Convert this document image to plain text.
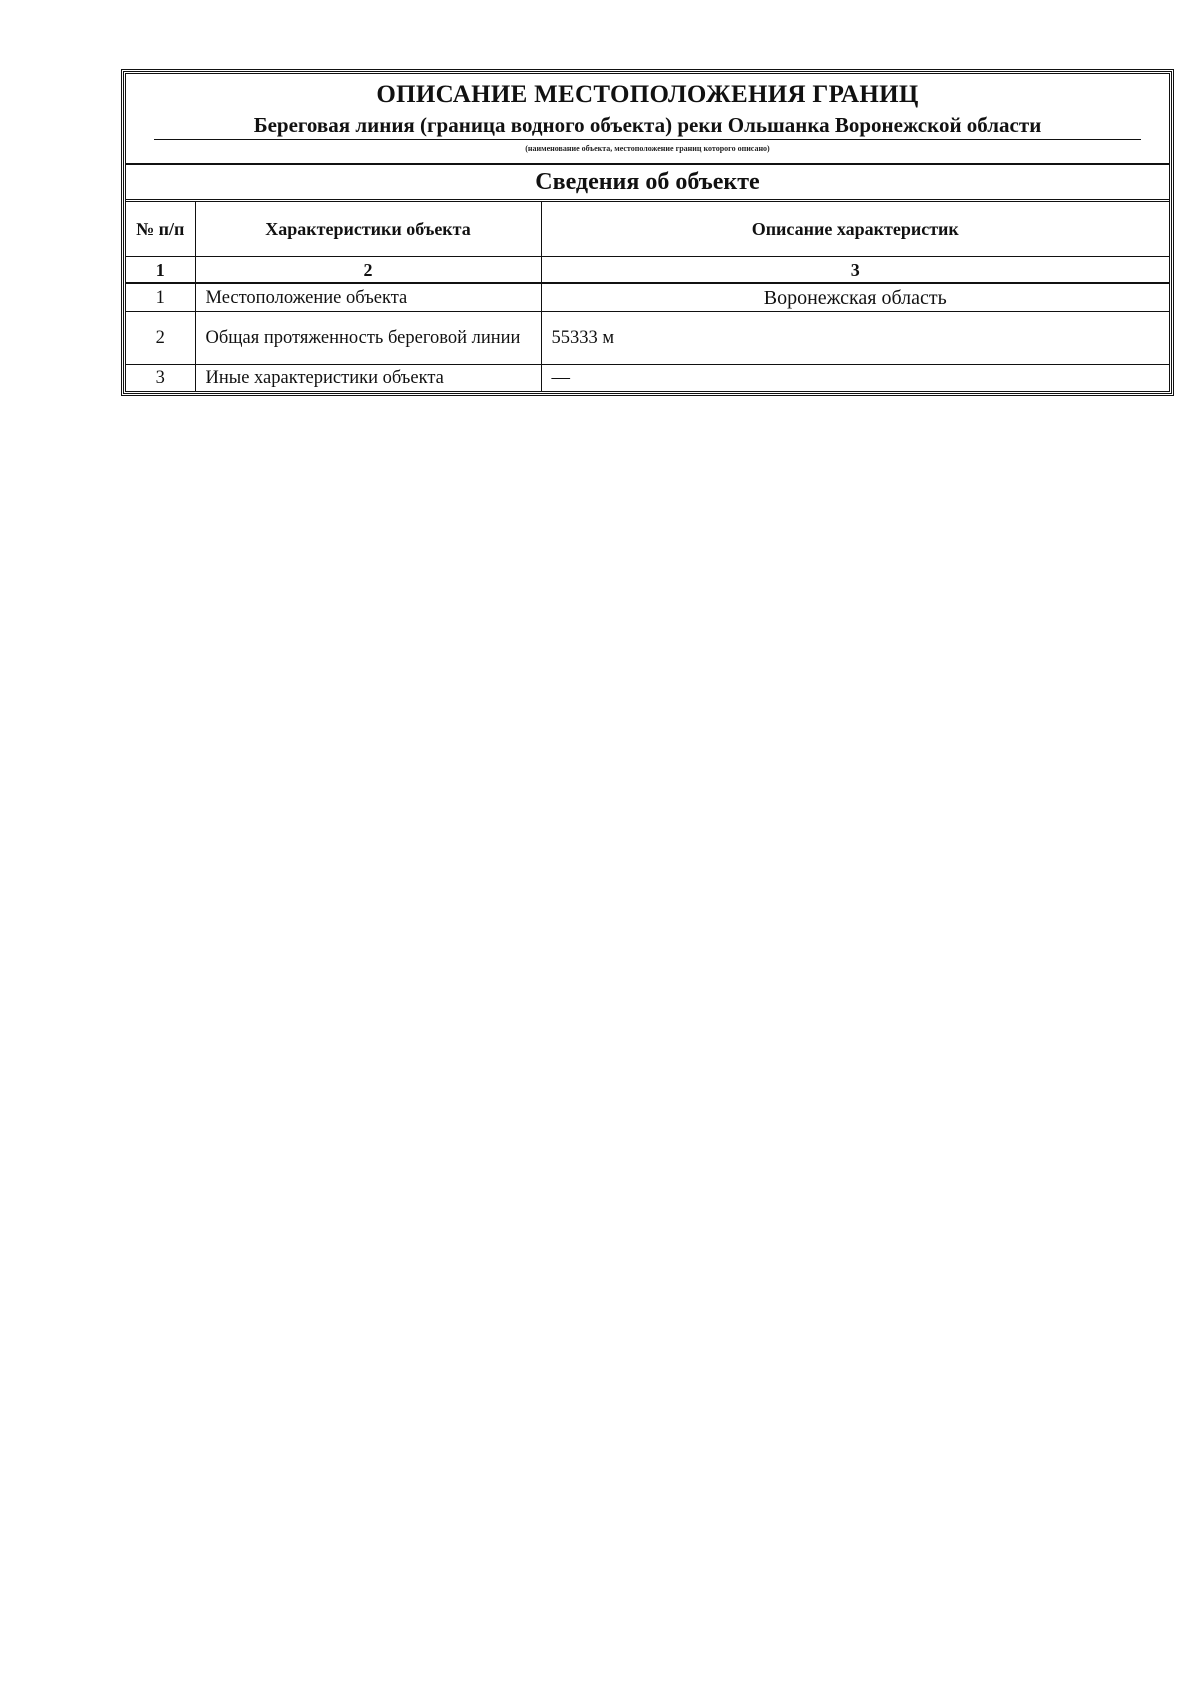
ОПИСАНИЕ МЕСТОПОЛОЖЕНИЯ ГРАНИЦ
Береговая линия (граница водного объекта) реки Ольшанка Воронежской области
(наименование объекта, местоположение границ которого описано)
Сведения об объекте
№ п/п	Характеристики объекта	Описание характеристик
1	2	3
1	Местоположение объекта	Воронежская область
2	Общая протяженность береговой линии	55333 м
3	Иные характеристики объекта	—
